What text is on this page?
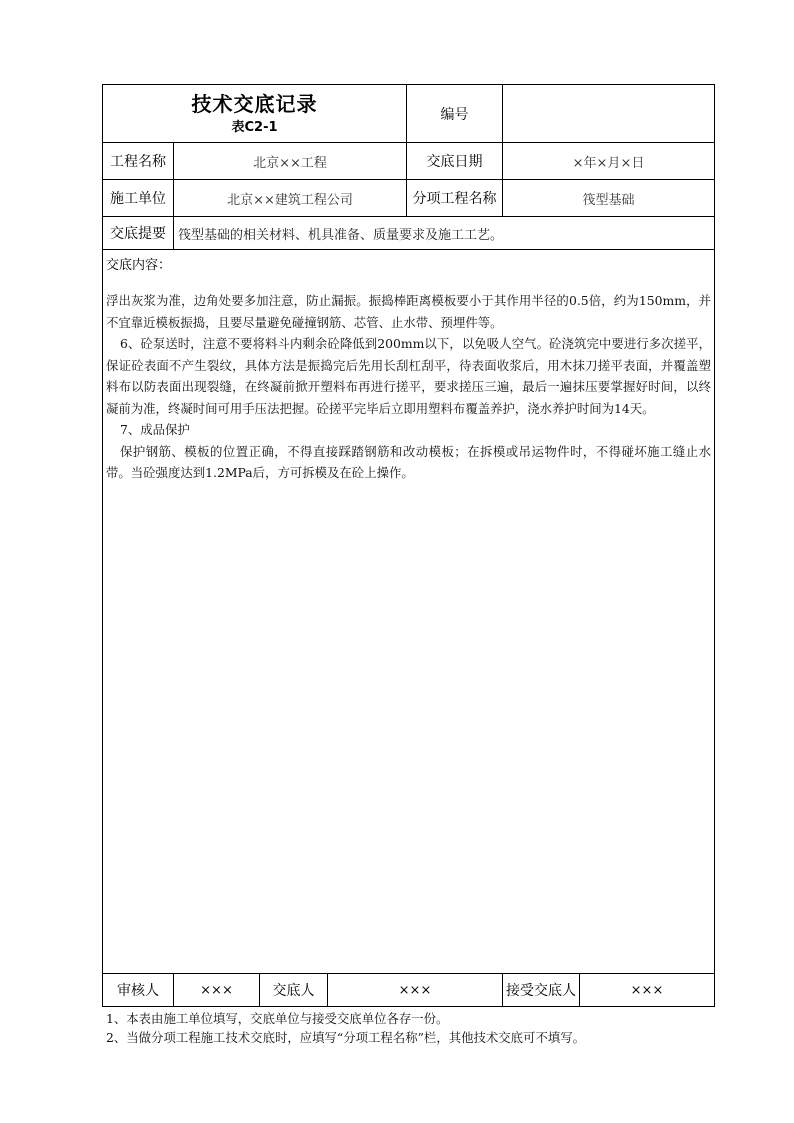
技术交底记录
表C2-1				编号		
工程名称	北京××工程			交底日期	×年×月×日	
施工单位	北京××建筑工程公司			分项工程名称	筏型基础	
交底提要	筏型基础的相关材料、机具准备、质量要求及施工工艺。					

交底内容：

浮出灰浆为准，边角处要多加注意，防止漏振。振捣棒距离模板要小于其作用半径的0.5倍，约为150mm，并不宜靠近模板振捣，且要尽量避免碰撞钢筋、芯管、止水带、预埋件等。

6、砼泵送时，注意不要将料斗内剩余砼降低到200mm以下，以免吸人空气。砼浇筑完中要进行多次搓平，保证砼表面不产生裂纹，具体方法是振捣完后先用长刮杠刮平，待表面收浆后，用木抹刀搓平表面，并覆盖塑料布以防表面出现裂缝，在终凝前掀开塑料布再进行搓平，要求搓压三遍，最后一遍抹压要掌握好时间，以终凝前为准，终凝时间可用手压法把握。砼搓平完毕后立即用塑料布覆盖养护，浇水养护时间为14天。

7、成品保护

保护钢筋、模板的位置正确，不得直接踩踏钢筋和改动模板；在拆模或吊运物件时，不得碰坏施工缝止水带。当砼强度达到1.2MPa后，方可拆模及在砼上操作。						

审核人	×××	交底人	×××		接受交底人	×××
1、本表由施工单位填写，交底单位与接受交底单位各存一份。
2、当做分项工程施工技术交底时，应填写“分项工程名称”栏，其他技术交底可不填写。
